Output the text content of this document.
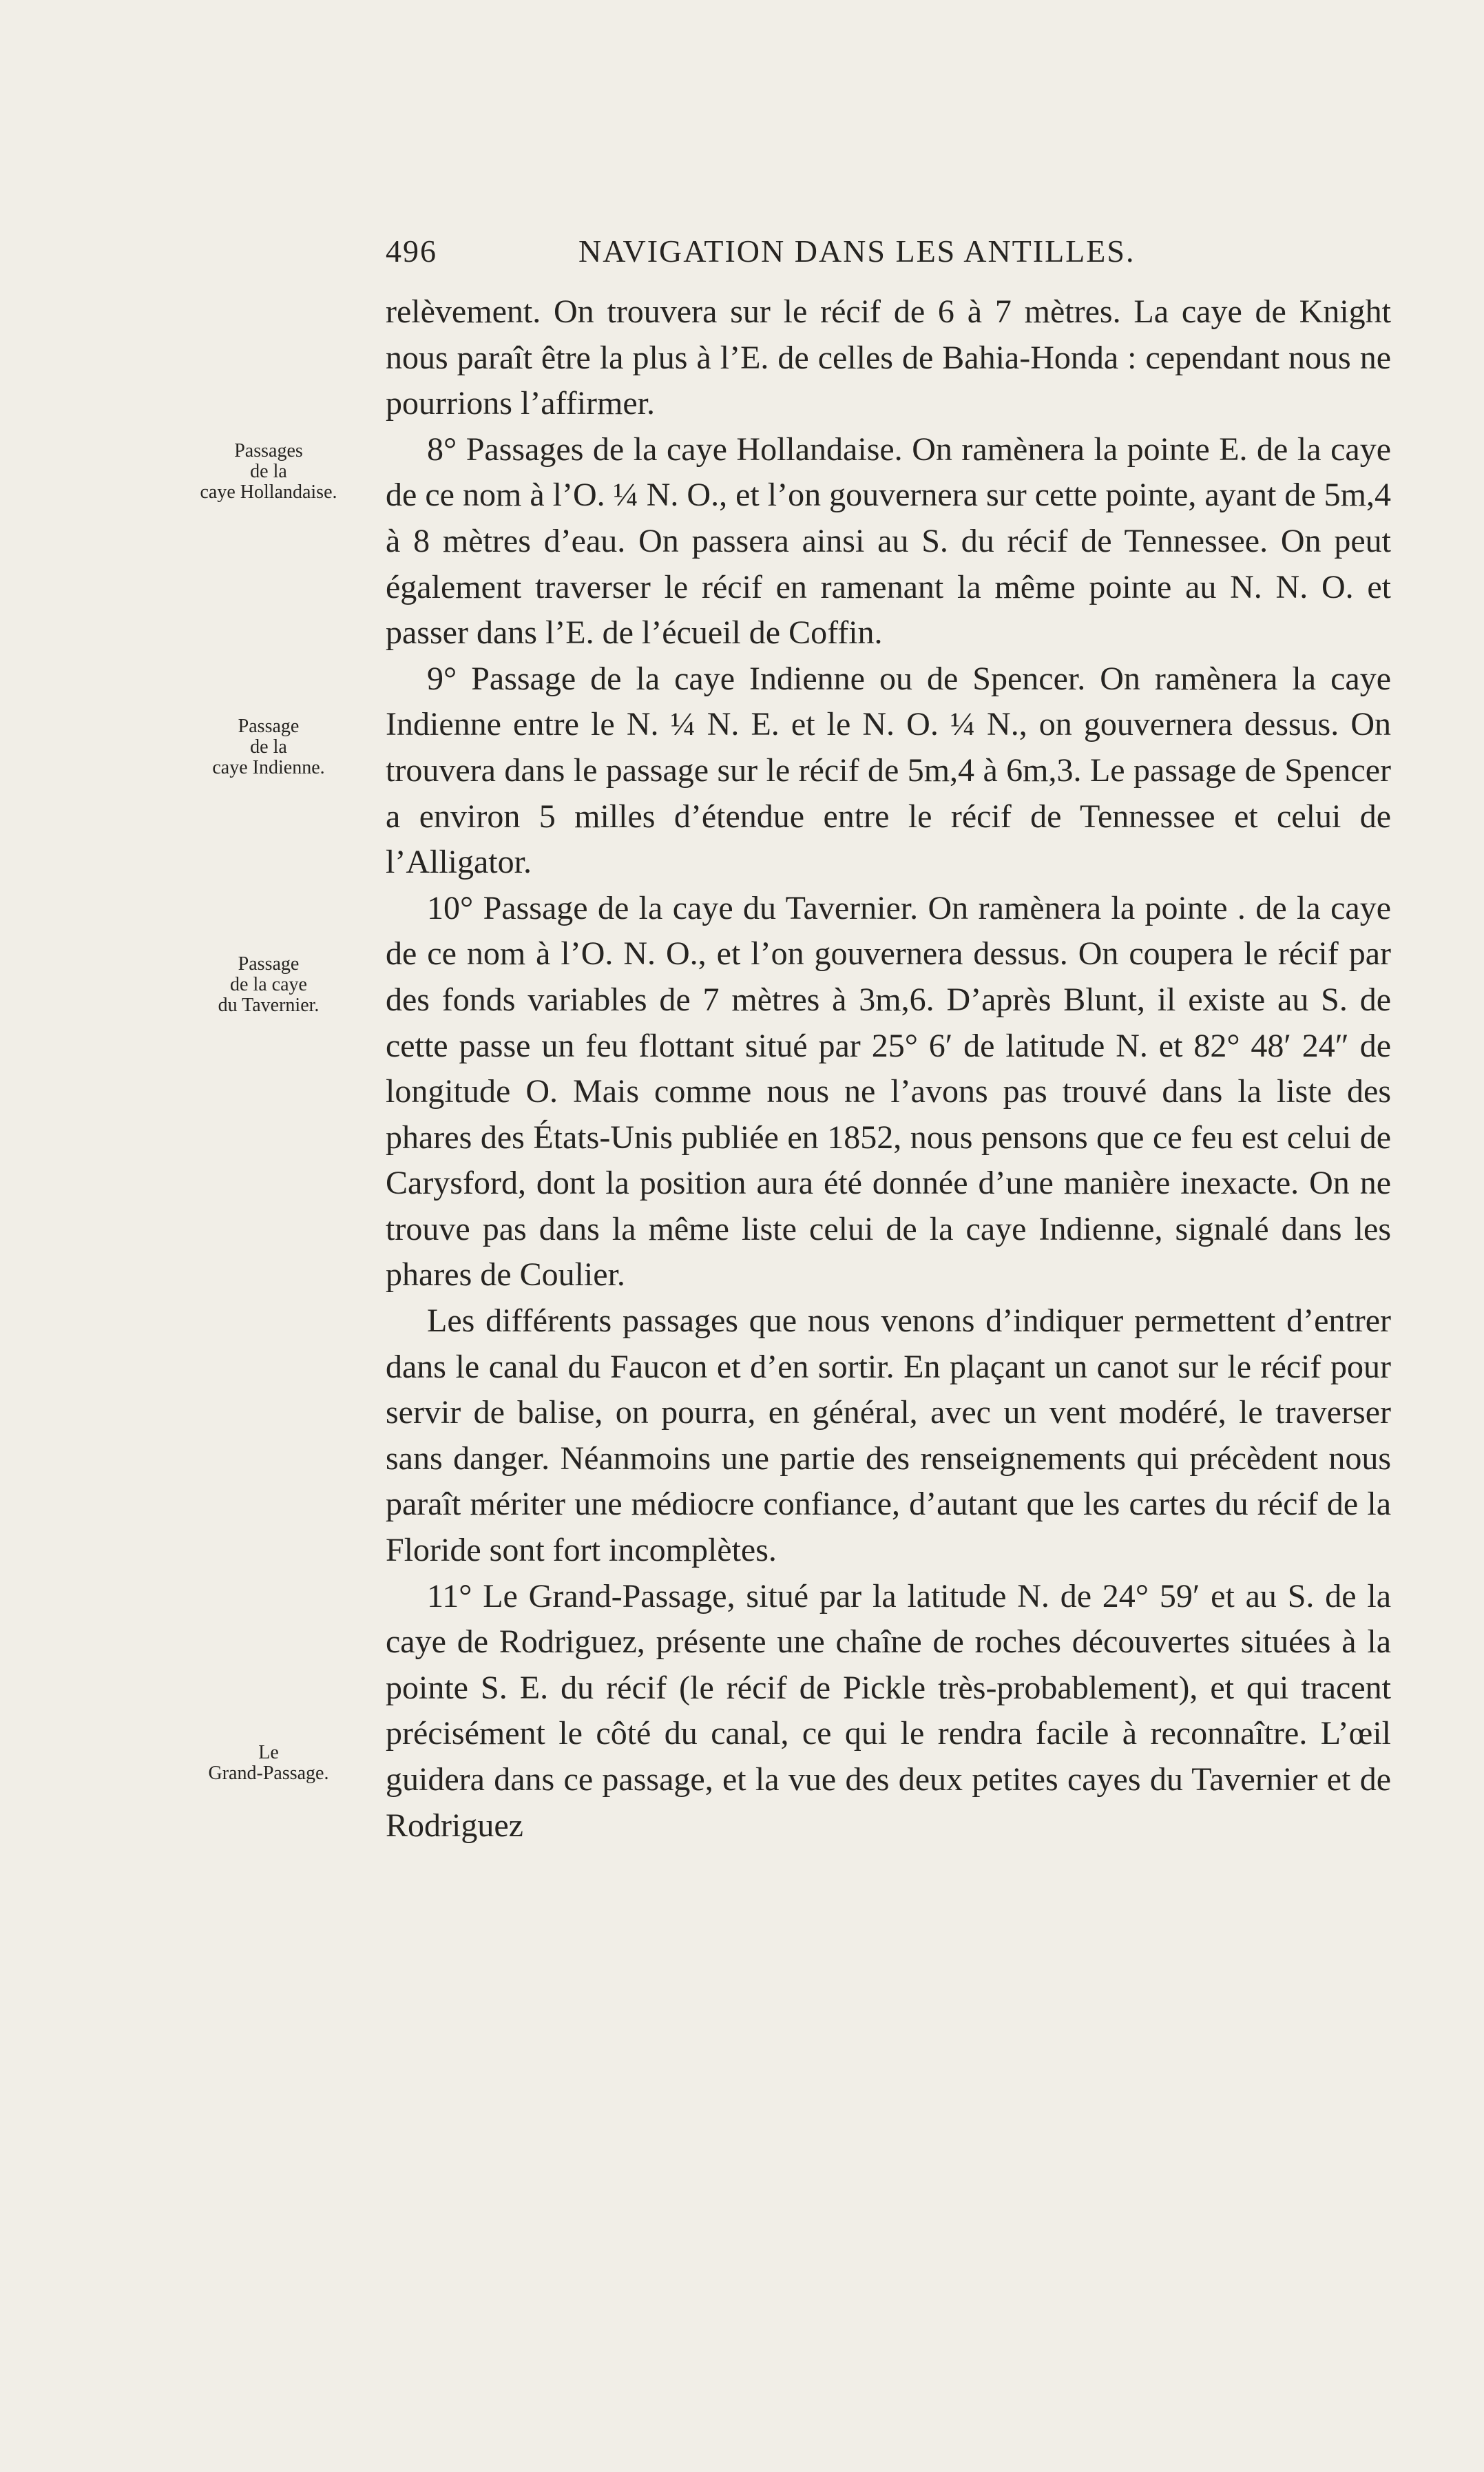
496	NAVIGATION DANS LES ANTILLES.
Passages
de la
caye Hollandaise.
Passage
de la
caye Indienne.
Passage
de la caye
du Tavernier.
Le
Grand-Passage.

relèvement. On trouvera sur le récif de 6 à 7 mètres. La caye de Knight nous paraît être la plus à l’E. de celles de Bahia-Honda : cependant nous ne pourrions l’affirmer.

8° Passages de la caye Hollandaise. On ramènera la pointe E. de la caye de ce nom à l’O. ¼ N. O., et l’on gouvernera sur cette pointe, ayant de 5m,4 à 8 mètres d’eau. On passera ainsi au S. du récif de Tennessee. On peut également traverser le récif en ramenant la même pointe au N. N. O. et passer dans l’E. de l’écueil de Coffin.

9° Passage de la caye Indienne ou de Spencer. On ramènera la caye Indienne entre le N. ¼ N. E. et le N. O. ¼ N., on gouvernera dessus. On trouvera dans le passage sur le récif de 5m,4 à 6m,3. Le passage de Spencer a environ 5 milles d’étendue entre le récif de Tennessee et celui de l’Alligator.

10° Passage de la caye du Tavernier. On ramènera la pointe . de la caye de ce nom à l’O. N. O., et l’on gouvernera dessus. On coupera le récif par des fonds variables de 7 mètres à 3m,6. D’après Blunt, il existe au S. de cette passe un feu flottant situé par 25° 6′ de latitude N. et 82° 48′ 24″ de longitude O. Mais comme nous ne l’avons pas trouvé dans la liste des phares des États-Unis publiée en 1852, nous pensons que ce feu est celui de Carysford, dont la position aura été donnée d’une manière inexacte. On ne trouve pas dans la même liste celui de la caye Indienne, signalé dans les phares de Coulier.

Les différents passages que nous venons d’indiquer permettent d’entrer dans le canal du Faucon et d’en sortir. En plaçant un canot sur le récif pour servir de balise, on pourra, en général, avec un vent modéré, le traverser sans danger. Néanmoins une partie des renseignements qui précèdent nous paraît mériter une médiocre confiance, d’autant que les cartes du récif de la Floride sont fort incomplètes.

11° Le Grand-Passage, situé par la latitude N. de 24° 59′ et au S. de la caye de Rodriguez, présente une chaîne de roches découvertes situées à la pointe S. E. du récif (le récif de Pickle très-probablement), et qui tracent précisément le côté du canal, ce qui le rendra facile à reconnaître. L’œil guidera dans ce passage, et la vue des deux petites cayes du Tavernier et de Rodriguez
